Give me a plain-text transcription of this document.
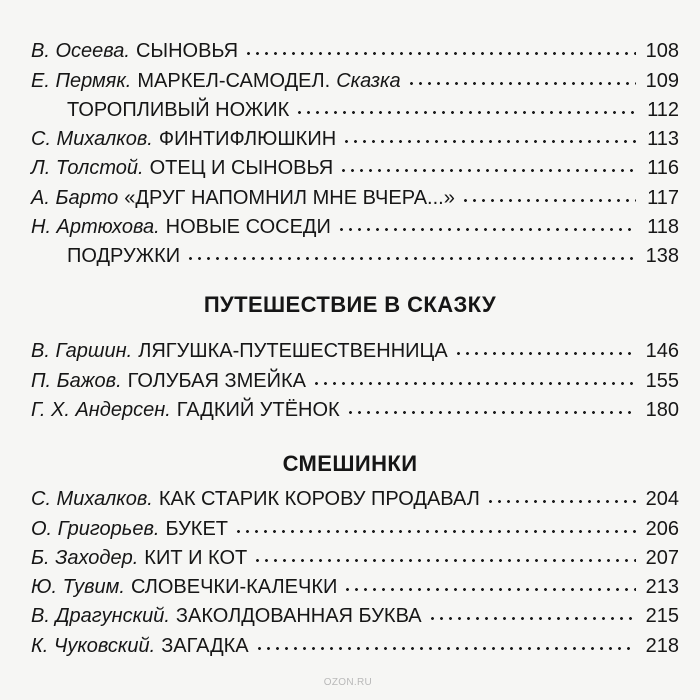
В. Осеева. СЫНОВЬЯ	108
Е. Пермяк. МАРКЕЛ-САМОДЕЛ. Сказка	109
ТОРОПЛИВЫЙ НОЖИК	112
С. Михалков. ФИНТИФЛЮШКИН	113
Л. Толстой. ОТЕЦ И СЫНОВЬЯ	116
А. Барто «ДРУГ НАПОМНИЛ МНЕ ВЧЕРА...»	117
Н. Артюхова. НОВЫЕ СОСЕДИ	118
ПОДРУЖКИ	138
ПУТЕШЕСТВИЕ В СКАЗКУ
В. Гаршин. ЛЯГУШКА-ПУТЕШЕСТВЕННИЦА	146
П. Бажов. ГОЛУБАЯ ЗМЕЙКА	155
Г. Х. Андерсен. ГАДКИЙ УТЁНОК	180
СМЕШИНКИ
С. Михалков. КАК СТАРИК КОРОВУ ПРОДАВАЛ	204
О. Григорьев. БУКЕТ	206
Б. Заходер. КИТ И КОТ	207
Ю. Тувим. СЛОВЕЧКИ-КАЛЕЧКИ	213
В. Драгунский. ЗАКОЛДОВАННАЯ БУКВА	215
К. Чуковский. ЗАГАДКА	218
OZON.RU
